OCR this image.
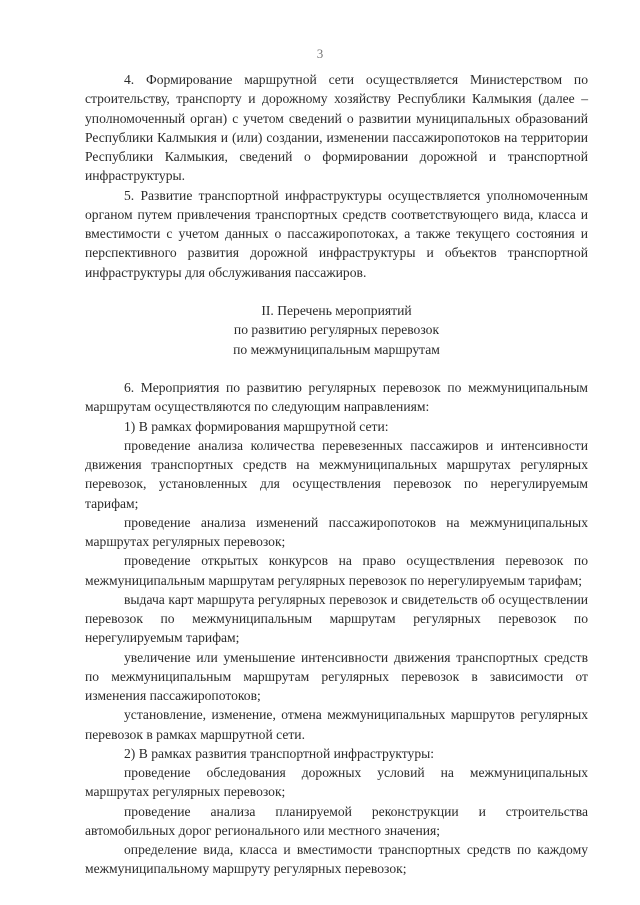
3

4. Формирование маршрутной сети осуществляется Министерством по строительству, транспорту и дорожному хозяйству Республики Калмыкия (далее – уполномоченный орган) с учетом сведений о развитии муниципальных образований Республики Калмыкия и (или) создании, изменении пассажиропотоков на территории Республики Калмыкия, сведений о формировании дорожной и транспортной инфраструктуры.

5. Развитие транспортной инфраструктуры осуществляется уполномоченным органом путем привлечения транспортных средств соответствующего вида, класса и вместимости с учетом данных о пассажиропотоках, а также текущего состояния и перспективного развития дорожной инфраструктуры и объектов транспортной инфраструктуры для обслуживания пассажиров.

II. Перечень мероприятий

по развитию регулярных перевозок

по межмуниципальным маршрутам

6. Мероприятия по развитию регулярных перевозок по межмуниципальным маршрутам осуществляются по следующим направлениям:

1) В рамках формирования маршрутной сети:

проведение анализа количества перевезенных пассажиров и интенсивности движения транспортных средств на межмуниципальных маршрутах регулярных перевозок, установленных для осуществления перевозок по нерегулируемым тарифам;

проведение анализа изменений пассажиропотоков на межмуниципальных маршрутах регулярных перевозок;

проведение открытых конкурсов на право осуществления перевозок по межмуниципальным маршрутам регулярных перевозок по нерегулируемым тарифам;

выдача карт маршрута регулярных перевозок и свидетельств об осуществлении перевозок по межмуниципальным маршрутам регулярных перевозок по нерегулируемым тарифам;

увеличение или уменьшение интенсивности движения транспортных средств по межмуниципальным маршрутам регулярных перевозок в зависимости от изменения пассажиропотоков;

установление, изменение, отмена межмуниципальных маршрутов регулярных перевозок в рамках маршрутной сети.

2) В рамках развития транспортной инфраструктуры:

проведение обследования дорожных условий на межмуниципальных маршрутах регулярных перевозок;

проведение анализа планируемой реконструкции и строительства автомобильных дорог регионального или местного значения;

определение вида, класса и вместимости транспортных средств по каждому межмуниципальному маршруту регулярных перевозок;
